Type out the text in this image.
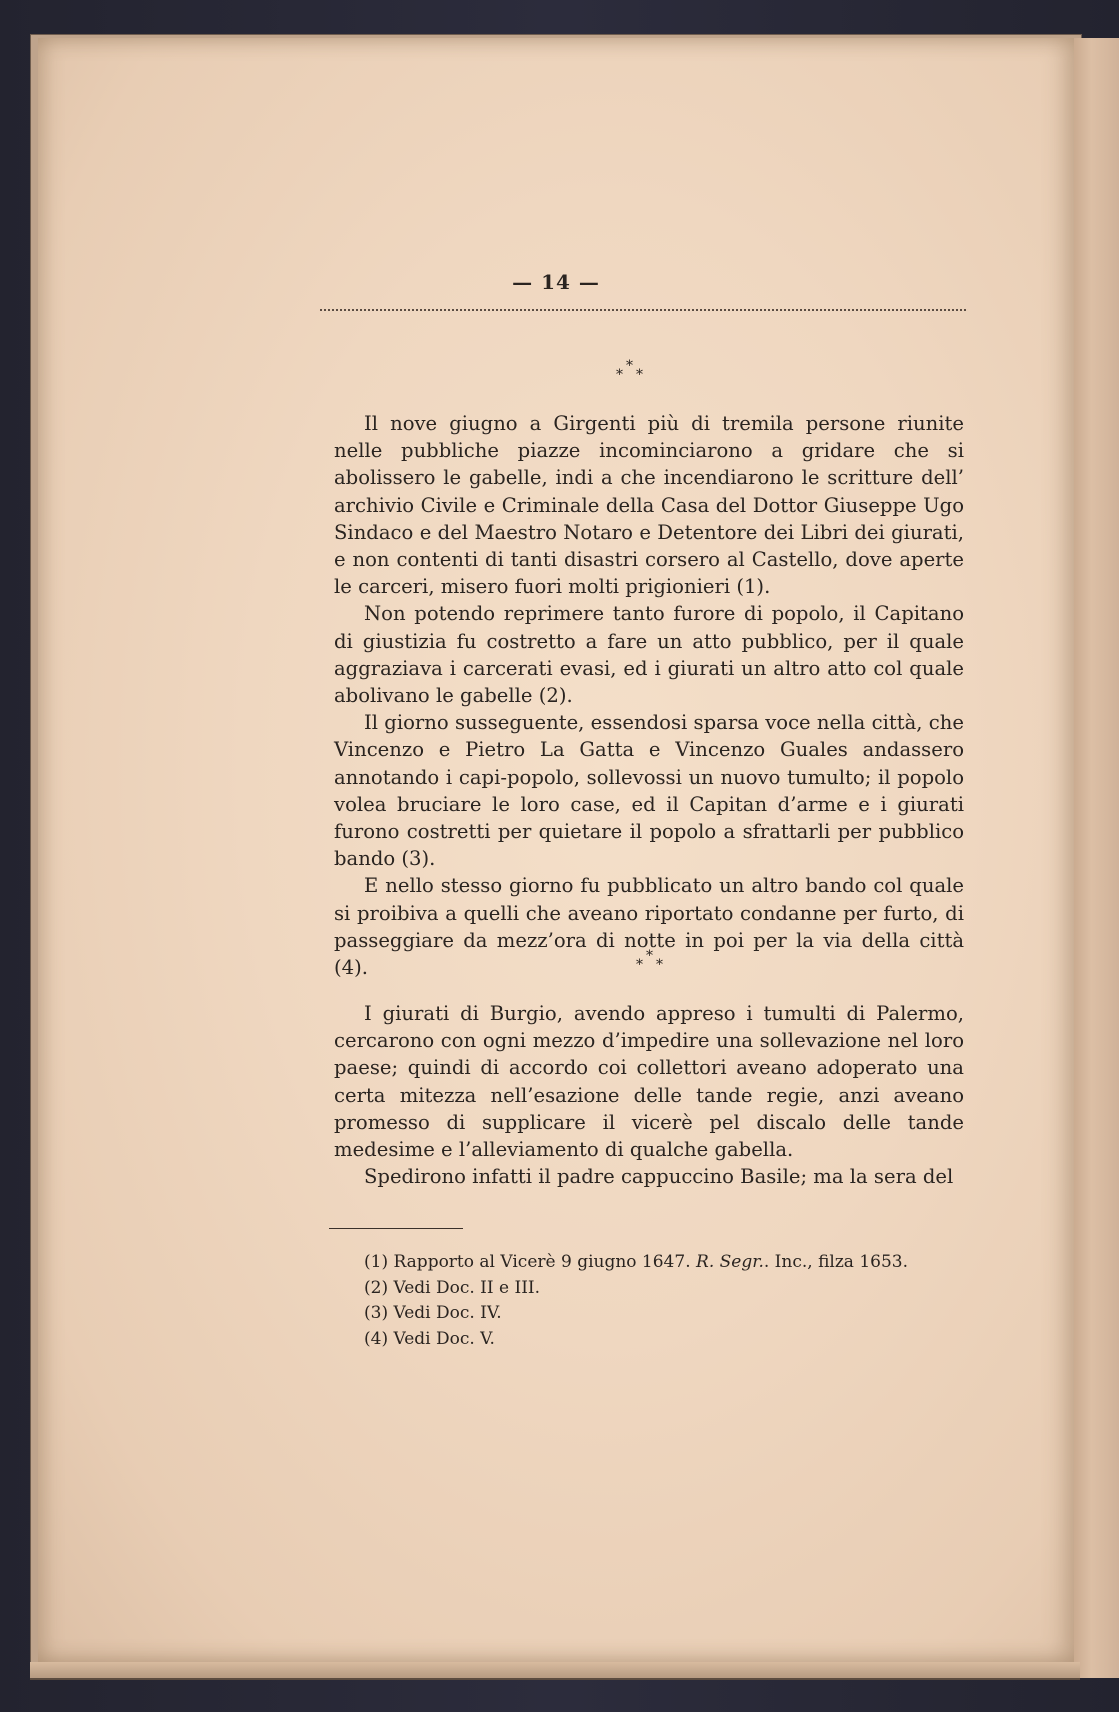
— 14 —
*
* *

Il nove giugno a Girgenti più di tremila persone riunite nelle pubbliche piazze incominciarono a gridare che si abolissero le gabelle, indi a che incendiarono le scritture dell’ archivio Civile e Criminale della Casa del Dottor Giuseppe Ugo Sindaco e del Maestro Notaro e Detentore dei Libri dei giurati, e non contenti di tanti disastri corsero al Castello, dove aperte le carceri, misero fuori molti prigionieri (1).

Non potendo reprimere tanto furore di popolo, il Capitano di giustizia fu costretto a fare un atto pubblico, per il quale aggraziava i carcerati evasi, ed i giurati un altro atto col quale abolivano le gabelle (2).

Il giorno susseguente, essendosi sparsa voce nella città, che Vincenzo e Pietro La Gatta e Vincenzo Guales andassero annotando i capi-popolo, sollevossi un nuovo tumulto; il popolo volea bruciare le loro case, ed il Capitan d’arme e i giurati furono costretti per quietare il popolo a sfrattarli per pubblico bando (3).

E nello stesso giorno fu pubblicato un altro bando col quale si proibiva a quelli che aveano riportato condanne per furto, di passeggiare da mezz’ora di notte in poi per la via della città (4).

*
* *

I giurati di Burgio, avendo appreso i tumulti di Palermo, cercarono con ogni mezzo d’impedire una sollevazione nel loro paese; quindi di accordo coi collettori aveano adoperato una certa mitezza nell’esazione delle tande regie, anzi aveano promesso di supplicare il vicerè pel discalo delle tande medesime e l’alleviamento di qualche gabella.

Spedirono infatti il padre cappuccino Basile; ma la sera del

(1) Rapporto al Vicerè 9 giugno 1647. R. Segr.. Inc., filza 1653.
(2) Vedi Doc. II e III.
(3) Vedi Doc. IV.
(4) Vedi Doc. V.
